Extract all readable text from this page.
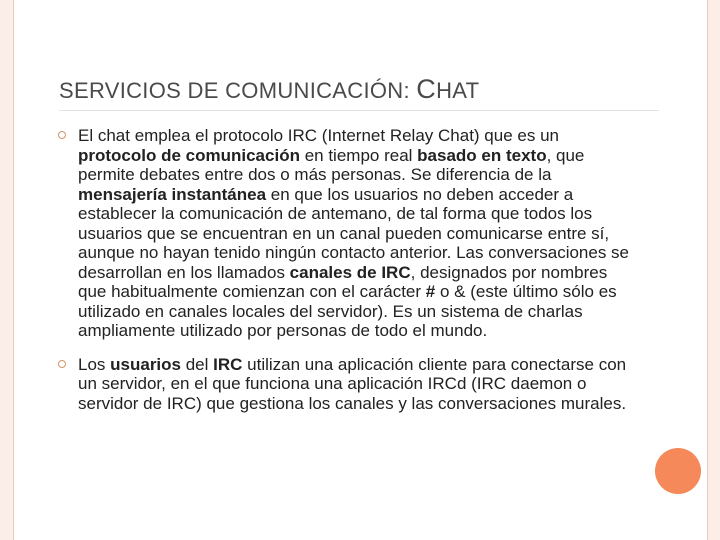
SERVICIOS DE COMUNICACIÓN: CHAT
El chat emplea el protocolo IRC (Internet Relay Chat) que es un protocolo de comunicación en tiempo real basado en texto, que permite debates entre dos o más personas. Se diferencia de la mensajería instantánea en que los usuarios no deben acceder a establecer la comunicación de antemano, de tal forma que todos los usuarios que se encuentran en un canal pueden comunicarse entre sí, aunque no hayan tenido ningún contacto anterior. Las conversaciones se desarrollan en los llamados canales de IRC, designados por nombres que habitualmente comienzan con el carácter # o & (este último sólo es utilizado en canales locales del servidor). Es un sistema de charlas ampliamente utilizado por personas de todo el mundo.
Los usuarios del IRC utilizan una aplicación cliente para conectarse con un servidor, en el que funciona una aplicación IRCd (IRC daemon o servidor de IRC) que gestiona los canales y las conversaciones murales.
